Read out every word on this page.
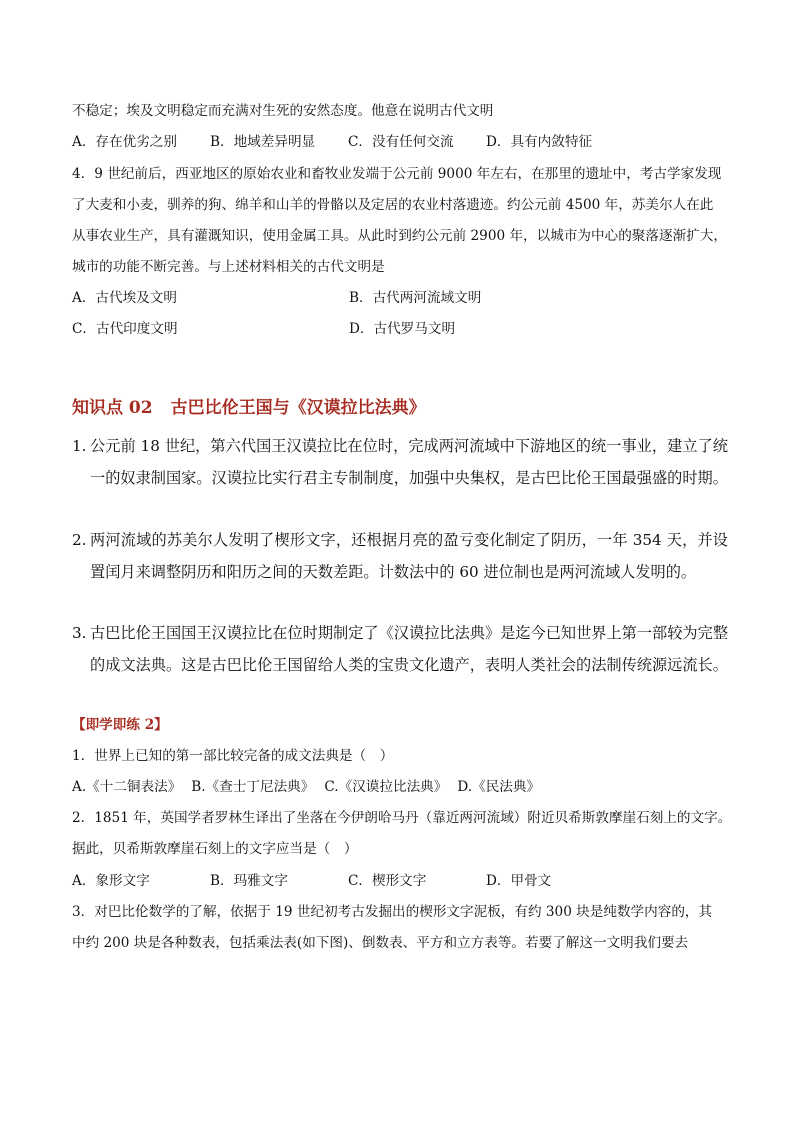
不稳定；埃及文明稳定而充满对生死的安然态度。他意在说明古代文明
A．存在优劣之别 B．地域差异明显 C．没有任何交流 D．具有内敛特征
4．9 世纪前后，西亚地区的原始农业和畜牧业发端于公元前 9000 年左右，在那里的遗址中，考古学家发现
了大麦和小麦，驯养的狗、绵羊和山羊的骨骼以及定居的农业村落遗迹。约公元前 4500 年，苏美尔人在此
从事农业生产，具有灌溉知识，使用金属工具。从此时到约公元前 2900 年，以城市为中心的聚落逐渐扩大，
城市的功能不断完善。与上述材料相关的古代文明是
A．古代埃及文明	B．古代两河流域文明
C．古代印度文明	D．古代罗马文明
知识点 02 古巴比伦王国与《汉谟拉比法典》
1. 公元前 18 世纪，第六代国王汉谟拉比在位时，完成两河流域中下游地区的统一事业，建立了统一的奴隶制国家。汉谟拉比实行君主专制制度，加强中央集权，是古巴比伦王国最强盛的时期。
2. 两河流域的苏美尔人发明了楔形文字，还根据月亮的盈亏变化制定了阴历，一年 354 天，并设置闰月来调整阴历和阳历之间的天数差距。计数法中的 60 进位制也是两河流域人发明的。
3. 古巴比伦王国国王汉谟拉比在位时期制定了《汉谟拉比法典》是迄今已知世界上第一部较为完整的成文法典。这是古巴比伦王国留给人类的宝贵文化遗产，表明人类社会的法制传统源远流长。
【即学即练 2】
1．世界上已知的第一部比较完备的成文法典是（　）
A.《十二铜表法》 B.《查士丁尼法典》 C.《汉谟拉比法典》 D.《民法典》
2．1851 年，英国学者罗林生译出了坐落在今伊朗哈马丹（靠近两河流域）附近贝希斯敦摩崖石刻上的文字。
据此，贝希斯敦摩崖石刻上的文字应当是（　）
A．象形文字	B．玛雅文字	C．楔形文字	D．甲骨文
3．对巴比伦数学的了解，依据于 19 世纪初考古发掘出的楔形文字泥板，有约 300 块是纯数学内容的，其
中约 200 块是各种数表，包括乘法表(如下图)、倒数表、平方和立方表等。若要了解这一文明我们要去
